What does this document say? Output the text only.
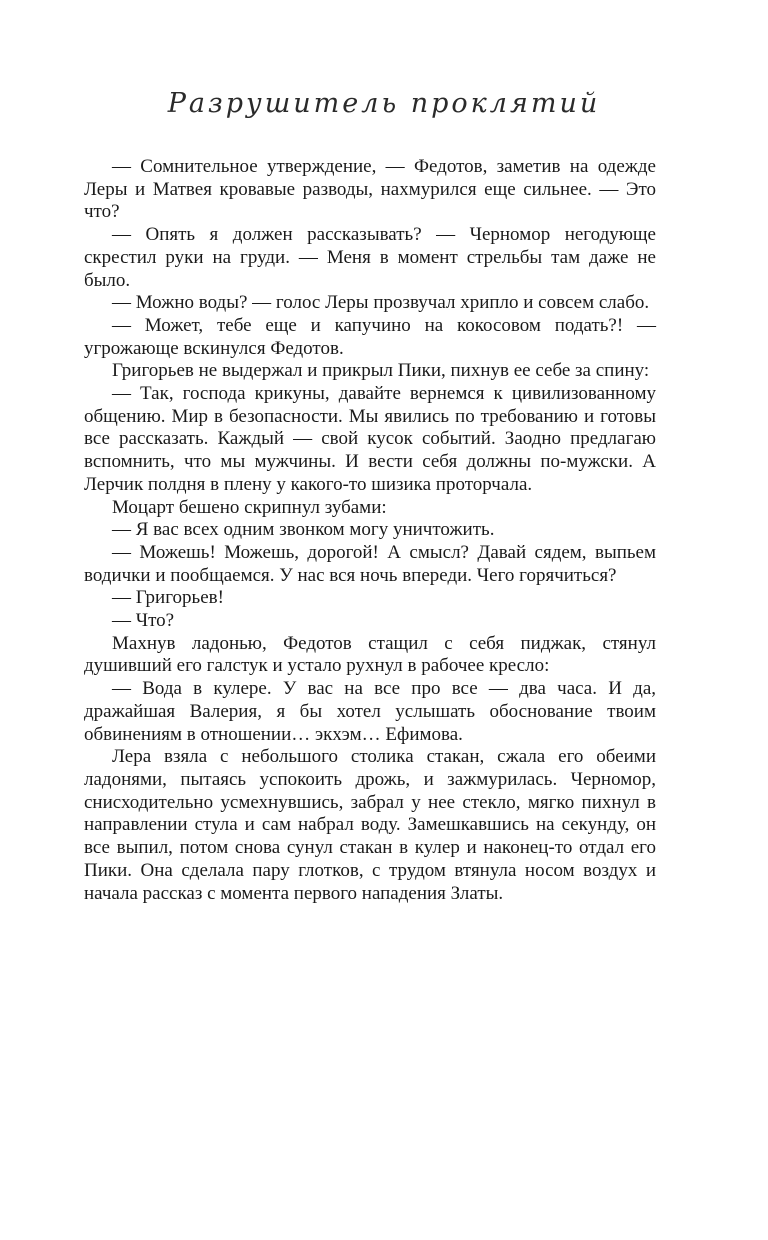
Разрушитель проклятий

— Сомнительное утверждение, — Федотов, заметив на одежде Леры и Матвея кровавые разводы, нахмурился еще сильнее. — Это что?

— Опять я должен рассказывать? — Черномор негодующе скрестил руки на груди. — Меня в момент стрельбы там даже не было.

— Можно воды? — голос Леры прозвучал хрипло и совсем слабо.

— Может, тебе еще и капучино на кокосовом подать?! — угрожающе вскинулся Федотов.

Григорьев не выдержал и прикрыл Пики, пихнув ее себе за спину:

— Так, господа крикуны, давайте вернемся к цивилизованному общению. Мир в безопасности. Мы явились по требованию и готовы все рассказать. Каждый — свой кусок событий. Заодно предлагаю вспомнить, что мы мужчины. И вести себя должны по-мужски. А Лерчик полдня в плену у какого-то шизика проторчала.

Моцарт бешено скрипнул зубами:

— Я вас всех одним звонком могу уничтожить.

— Можешь! Можешь, дорогой! А смысл? Давай сядем, выпьем водички и пообщаемся. У нас вся ночь впереди. Чего горячиться?

— Григорьев!

— Что?

Махнув ладонью, Федотов стащил с себя пиджак, стянул душивший его галстук и устало рухнул в рабочее кресло:

— Вода в кулере. У вас на все про все — два часа. И да, дражайшая Валерия, я бы хотел услышать обоснование твоим обвинениям в отношении… экхэм… Ефимова.

Лера взяла с небольшого столика стакан, сжала его обеими ладонями, пытаясь успокоить дрожь, и зажмурилась. Черномор, снисходительно усмехнувшись, забрал у нее стекло, мягко пихнул в направлении стула и сам набрал воду. Замешкавшись на секунду, он все выпил, потом снова сунул стакан в кулер и наконец-то отдал его Пики. Она сделала пару глотков, с трудом втянула носом воздух и начала рассказ с момента первого нападения Златы.
